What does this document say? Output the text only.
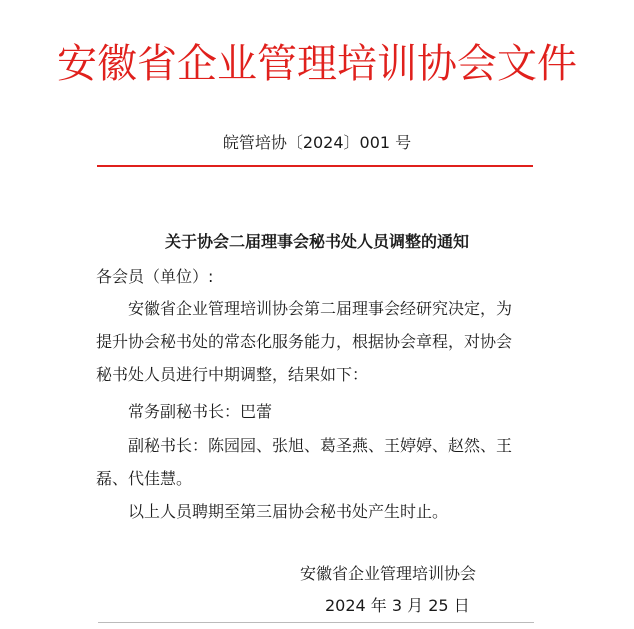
安徽省企业管理培训协会文件
皖管培协〔2024〕001 号
关于协会二届理事会秘书处人员调整的通知
各会员（单位）:
安徽省企业管理培训协会第二届理事会经研究决定，为
提升协会秘书处的常态化服务能力，根据协会章程，对协会
秘书处人员进行中期调整，结果如下：
常务副秘书长：巴蕾
副秘书长：陈园园、张旭、葛圣燕、王婷婷、赵然、王
磊、代佳慧。
以上人员聘期至第三届协会秘书处产生时止。
安徽省企业管理培训协会
2024 年 3 月 25 日
